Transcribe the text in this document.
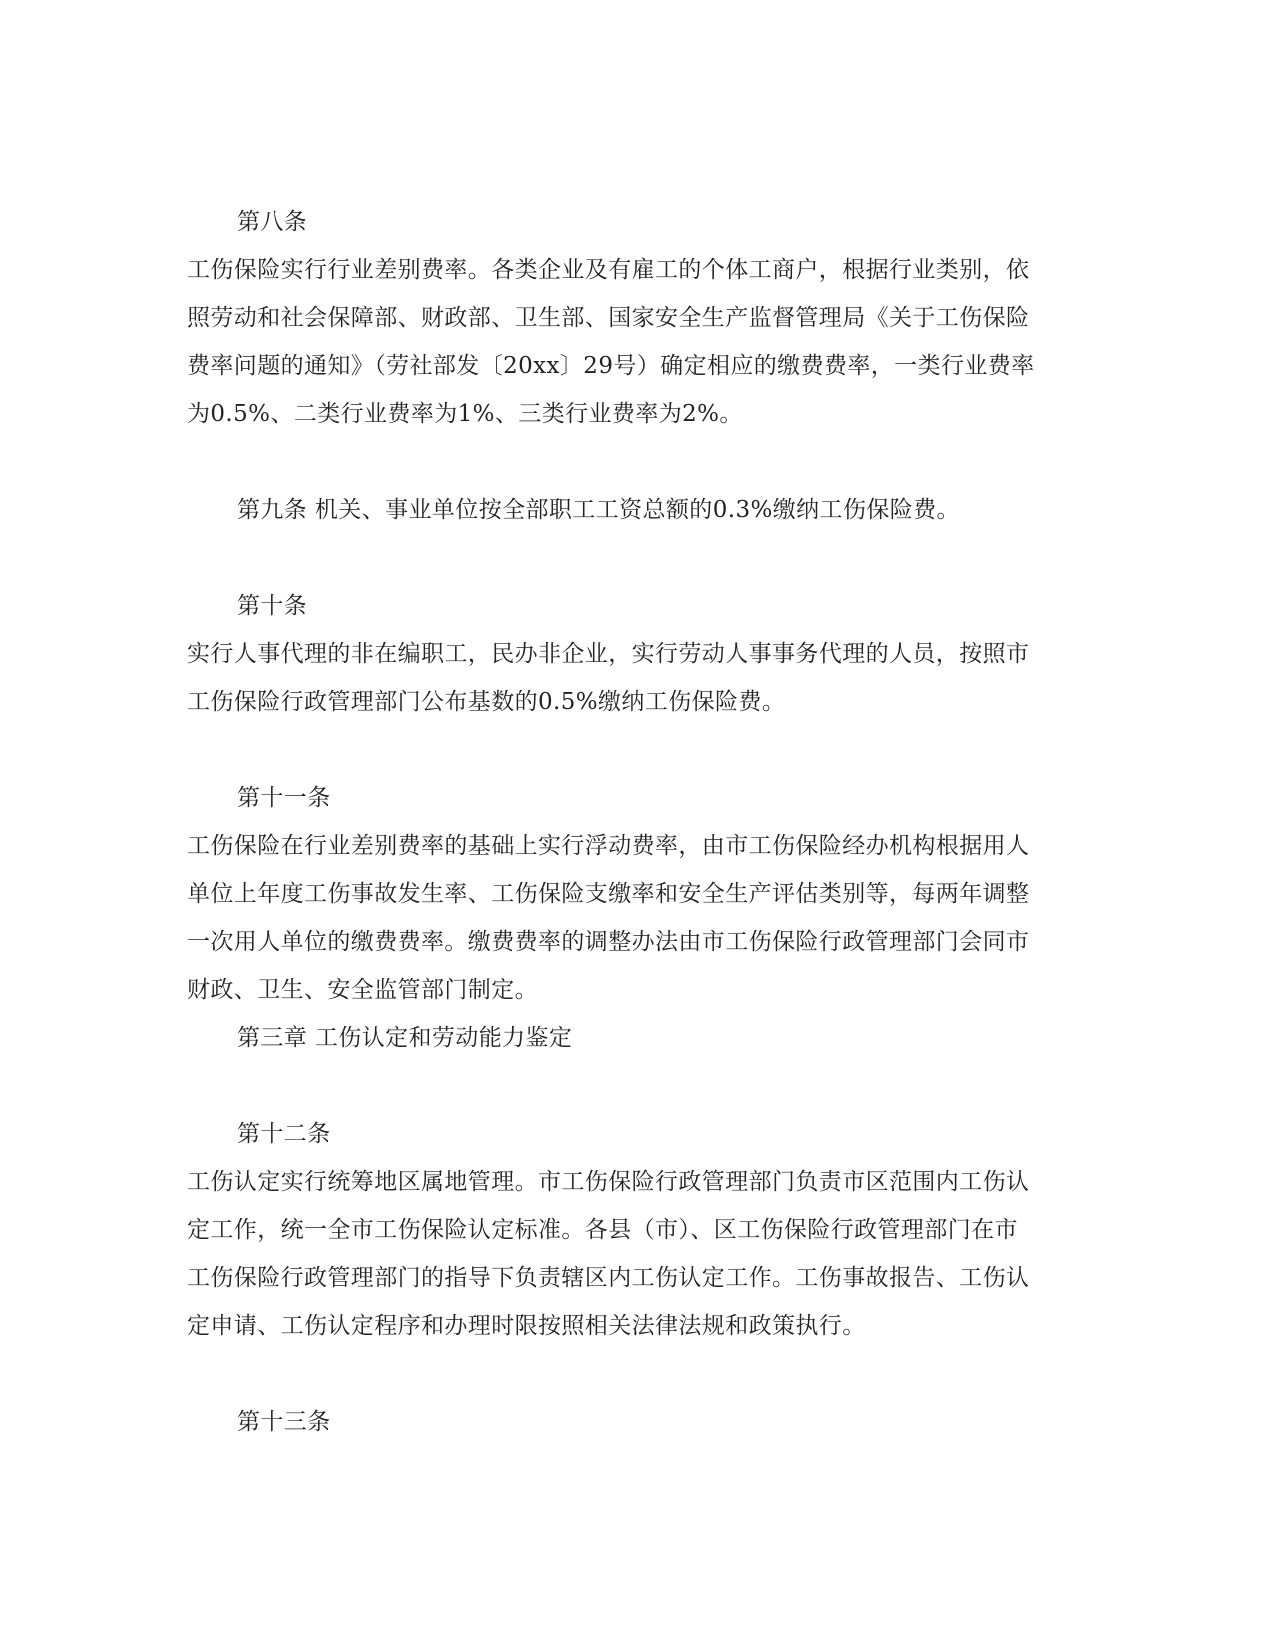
第八条
工伤保险实行行业差别费率。各类企业及有雇工的个体工商户，根据行业类别，依
照劳动和社会保障部、财政部、卫生部、国家安全生产监督管理局《关于工伤保险
费率问题的通知》（劳社部发〔20xx〕29号）确定相应的缴费费率，一类行业费率
为0.5%、二类行业费率为1%、三类行业费率为2%。
第九条 机关、事业单位按全部职工工资总额的0.3%缴纳工伤保险费。
第十条
实行人事代理的非在编职工，民办非企业，实行劳动人事事务代理的人员，按照市
工伤保险行政管理部门公布基数的0.5%缴纳工伤保险费。
第十一条
工伤保险在行业差别费率的基础上实行浮动费率，由市工伤保险经办机构根据用人
单位上年度工伤事故发生率、工伤保险支缴率和安全生产评估类别等，每两年调整
一次用人单位的缴费费率。缴费费率的调整办法由市工伤保险行政管理部门会同市
财政、卫生、安全监管部门制定。
第三章 工伤认定和劳动能力鉴定
第十二条
工伤认定实行统筹地区属地管理。市工伤保险行政管理部门负责市区范围内工伤认
定工作，统一全市工伤保险认定标准。各县（市）、区工伤保险行政管理部门在市
工伤保险行政管理部门的指导下负责辖区内工伤认定工作。工伤事故报告、工伤认
定申请、工伤认定程序和办理时限按照相关法律法规和政策执行。
第十三条
